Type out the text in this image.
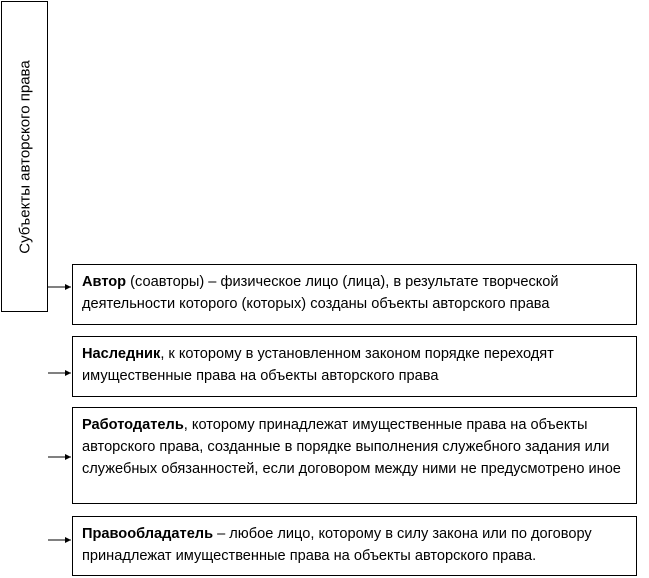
Субъекты авторского права
Автор (соавторы) – физическое лицо (лица), в результате творческой деятельности которого (которых) созданы объекты авторского права
Наследник, к которому в установленном законом порядке переходят имущественные права на объекты авторского права
Работодатель, которому принадлежат имущественные права на объекты авторского права, созданные в порядке выполнения служебного задания или служебных обязанностей, если договором между ними не предусмотрено иное
Правообладатель – любое лицо, которому в силу закона или по договору принадлежат имущественные права на объекты авторского права.
